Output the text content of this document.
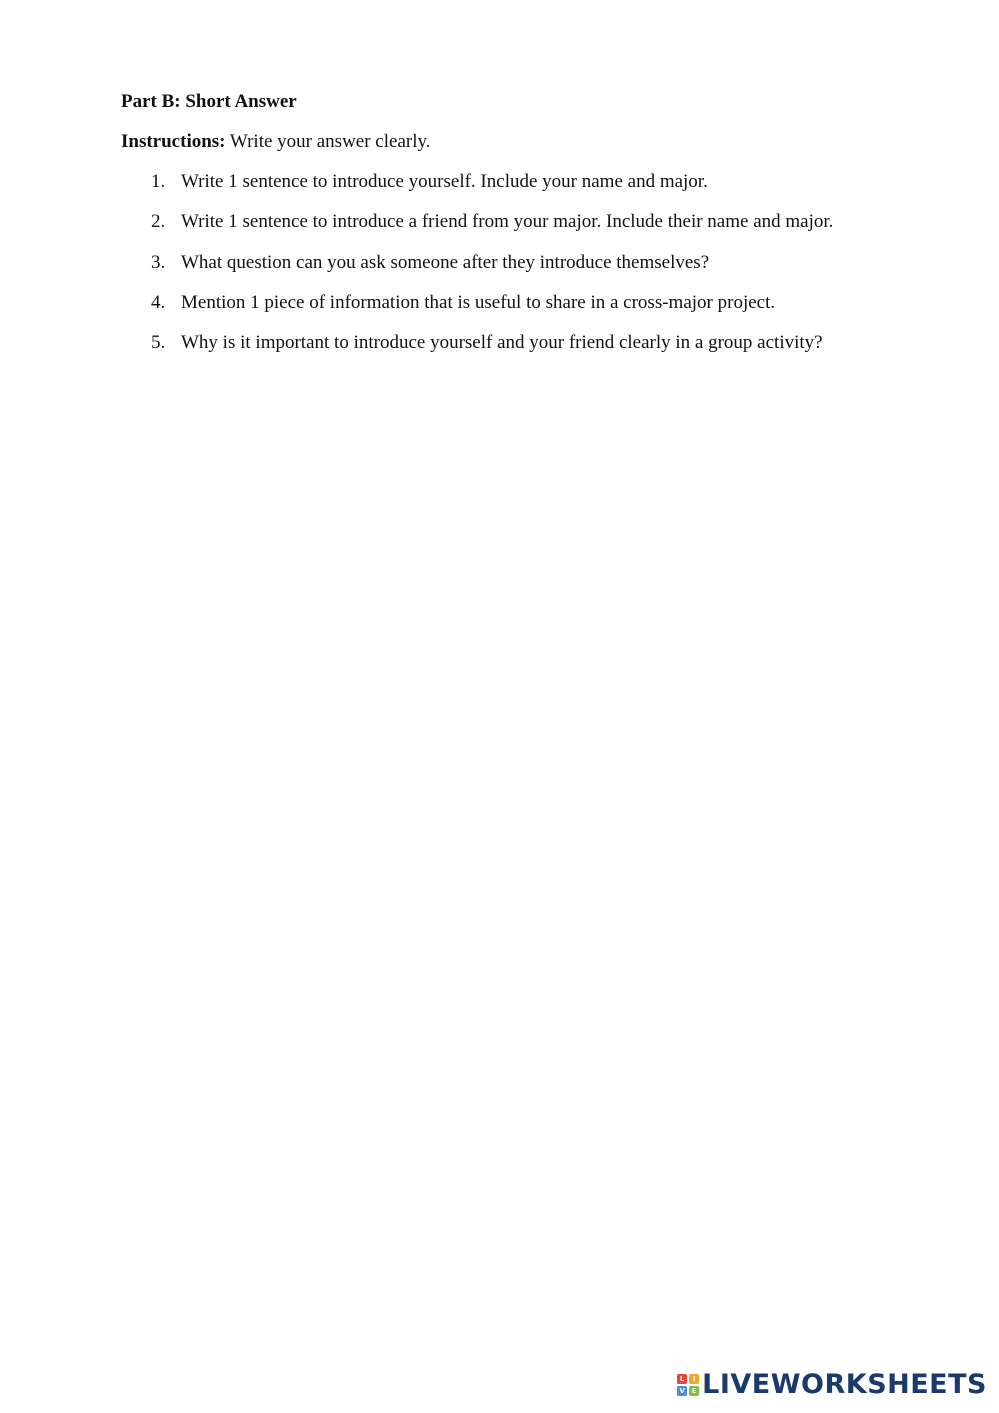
Part B: Short Answer

Instructions: Write your answer clearly.

1. Write 1 sentence to introduce yourself. Include your name and major.
2. Write 1 sentence to introduce a friend from your major. Include their name and major.
3. What question can you ask someone after they introduce themselves?
4. Mention 1 piece of information that is useful to share in a cross-major project.
5. Why is it important to introduce yourself and your friend clearly in a group activity?
L	I
V E LIVEWORKSHEETS
